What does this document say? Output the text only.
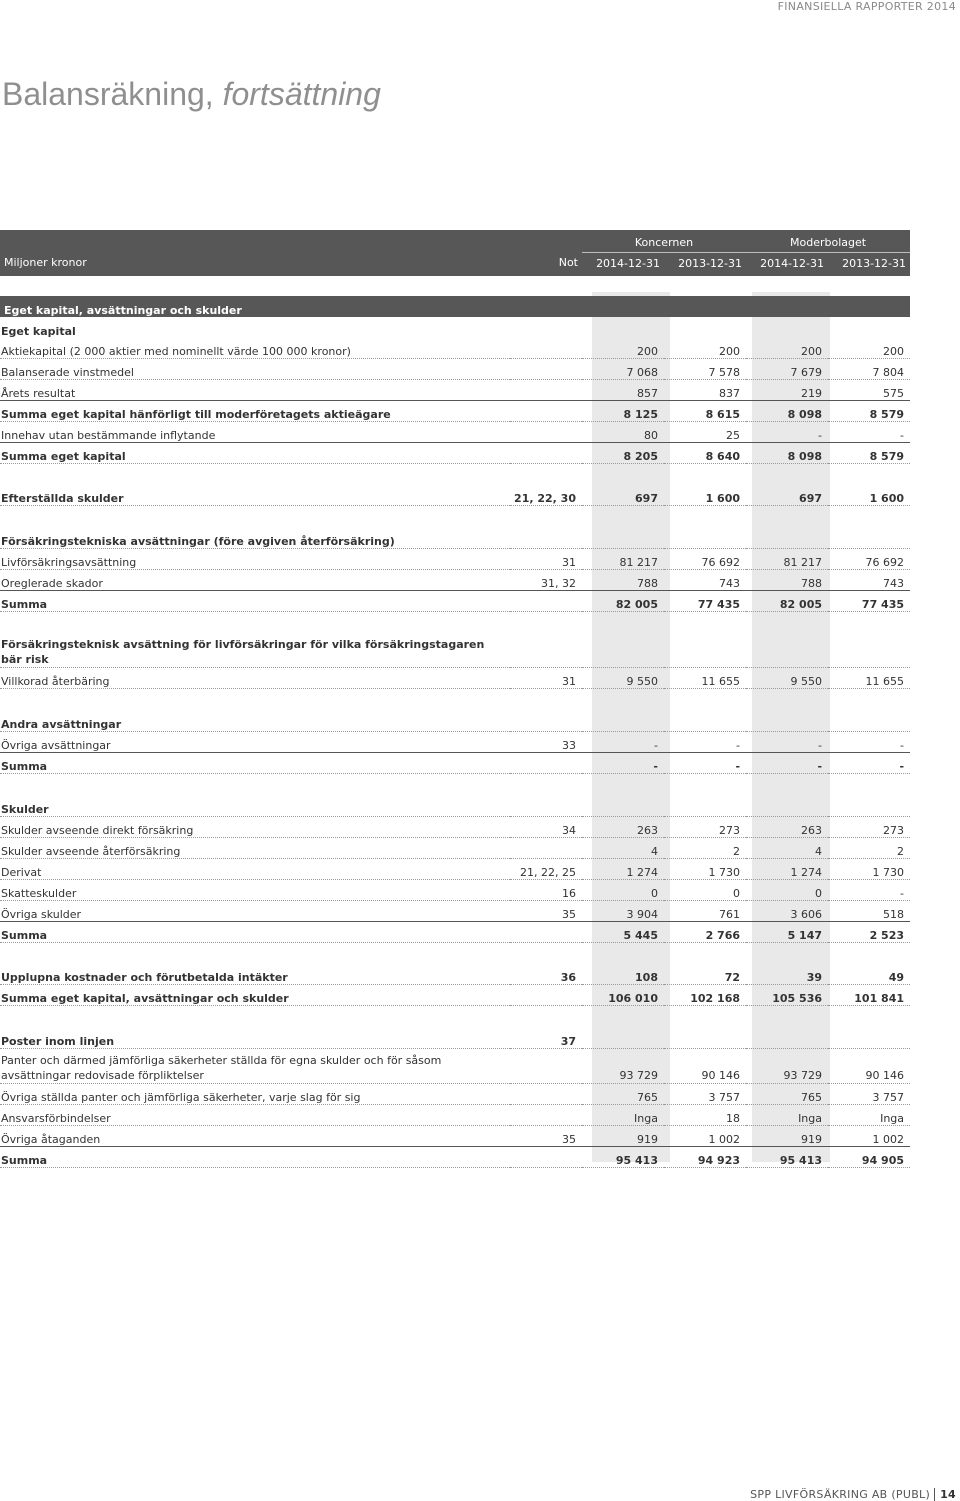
FINANSIELLA RAPPORTER 2014
Balansräkning, fortsättning
		Koncernen		Moderbolaget	
Miljoner kronor	Not	2014-12-31	2013-12-31	2014-12-31	2013-12-31

Eget kapital, avsättningar och skulder					
Eget kapital					
Aktiekapital (2 000 aktier med nominellt värde 100 000 kronor)		200	200	200	200
Balanserade vinstmedel		7 068	7 578	7 679	7 804
Årets resultat		857	837	219	575
Summa eget kapital hänförligt till moderföretagets aktieägare		8 125	8 615	8 098	8 579
Innehav utan bestämmande inflytande		80	25	-	-
Summa eget kapital		8 205	8 640	8 098	8 579

Efterställda skulder	21, 22, 30	697	1 600	697	1 600

Försäkringstekniska avsättningar (före avgiven återförsäkring)					
Livförsäkringsavsättning	31	81 217	76 692	81 217	76 692
Oreglerade skador	31, 32	788	743	788	743
Summa		82 005	77 435	82 005	77 435

Försäkringsteknisk avsättning för livförsäkringar för vilka försäkringstagaren bär risk					
Villkorad återbäring	31	9 550	11 655	9 550	11 655

Andra avsättningar					
Övriga avsättningar	33	-	-	-	-
Summa		-	-	-	-

Skulder					
Skulder avseende direkt försäkring	34	263	273	263	273
Skulder avseende återförsäkring		4	2	4	2
Derivat	21, 22, 25	1 274	1 730	1 274	1 730
Skatteskulder	16	0	0	0	-
Övriga skulder	35	3 904	761	3 606	518
Summa		5 445	2 766	5 147	2 523

Upplupna kostnader och förutbetalda intäkter	36	108	72	39	49
Summa eget kapital, avsättningar och skulder		106 010	102 168	105 536	101 841

Poster inom linjen	37				
Panter och därmed jämförliga säkerheter ställda för egna skulder och för såsom avsättningar redovisade förpliktelser		93 729	90 146	93 729	90 146
Övriga ställda panter och jämförliga säkerheter, varje slag för sig		765	3 757	765	3 757
Ansvarsförbindelser		Inga	18	Inga	Inga
Övriga åtaganden	35	919	1 002	919	1 002
Summa		95 413	94 923	95 413	94 905
SPP LIVFÖRSÄKRING AB (PUBL) 14
